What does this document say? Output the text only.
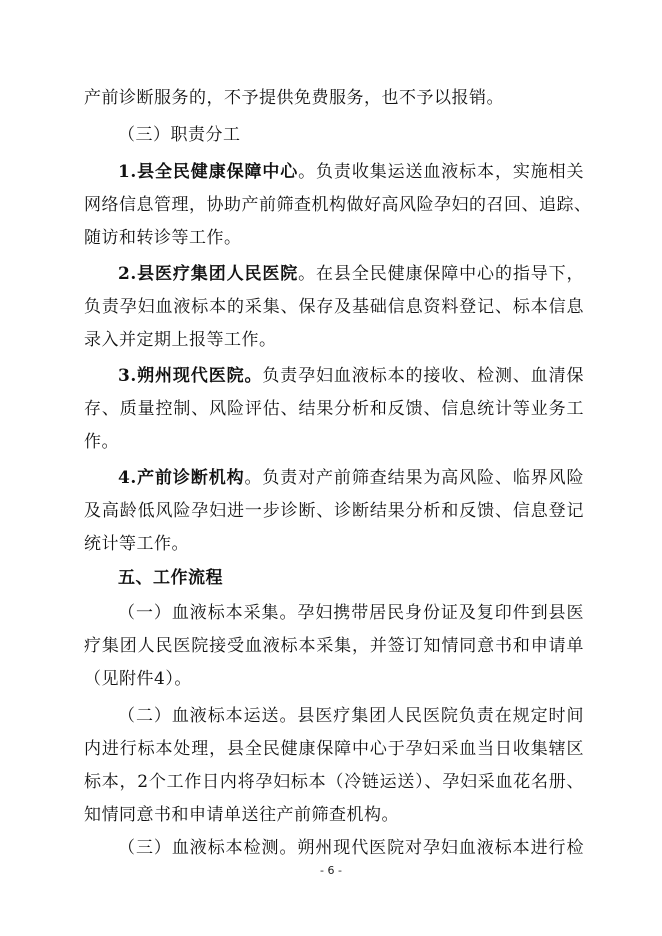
产前诊断服务的，不予提供免费服务，也不予以报销。
（三）职责分工
1.县全民健康保障中心。负责收集运送血液标本，实施相关
网络信息管理，协助产前筛查机构做好高风险孕妇的召回、追踪、
随访和转诊等工作。
2.县医疗集团人民医院。在县全民健康保障中心的指导下，
负责孕妇血液标本的采集、保存及基础信息资料登记、标本信息
录入并定期上报等工作。
3.朔州现代医院。负责孕妇血液标本的接收、检测、血清保
存、质量控制、风险评估、结果分析和反馈、信息统计等业务工
作。
4.产前诊断机构。负责对产前筛查结果为高风险、临界风险
及高龄低风险孕妇进一步诊断、诊断结果分析和反馈、信息登记
统计等工作。
五、工作流程
（一）血液标本采集。孕妇携带居民身份证及复印件到县医
疗集团人民医院接受血液标本采集，并签订知情同意书和申请单
（见附件4）。
（二）血液标本运送。县医疗集团人民医院负责在规定时间
内进行标本处理，县全民健康保障中心于孕妇采血当日收集辖区
标本，2个工作日内将孕妇标本（冷链运送）、孕妇采血花名册、
知情同意书和申请单送往产前筛查机构。
（三）血液标本检测。朔州现代医院对孕妇血液标本进行检
- 6 -
